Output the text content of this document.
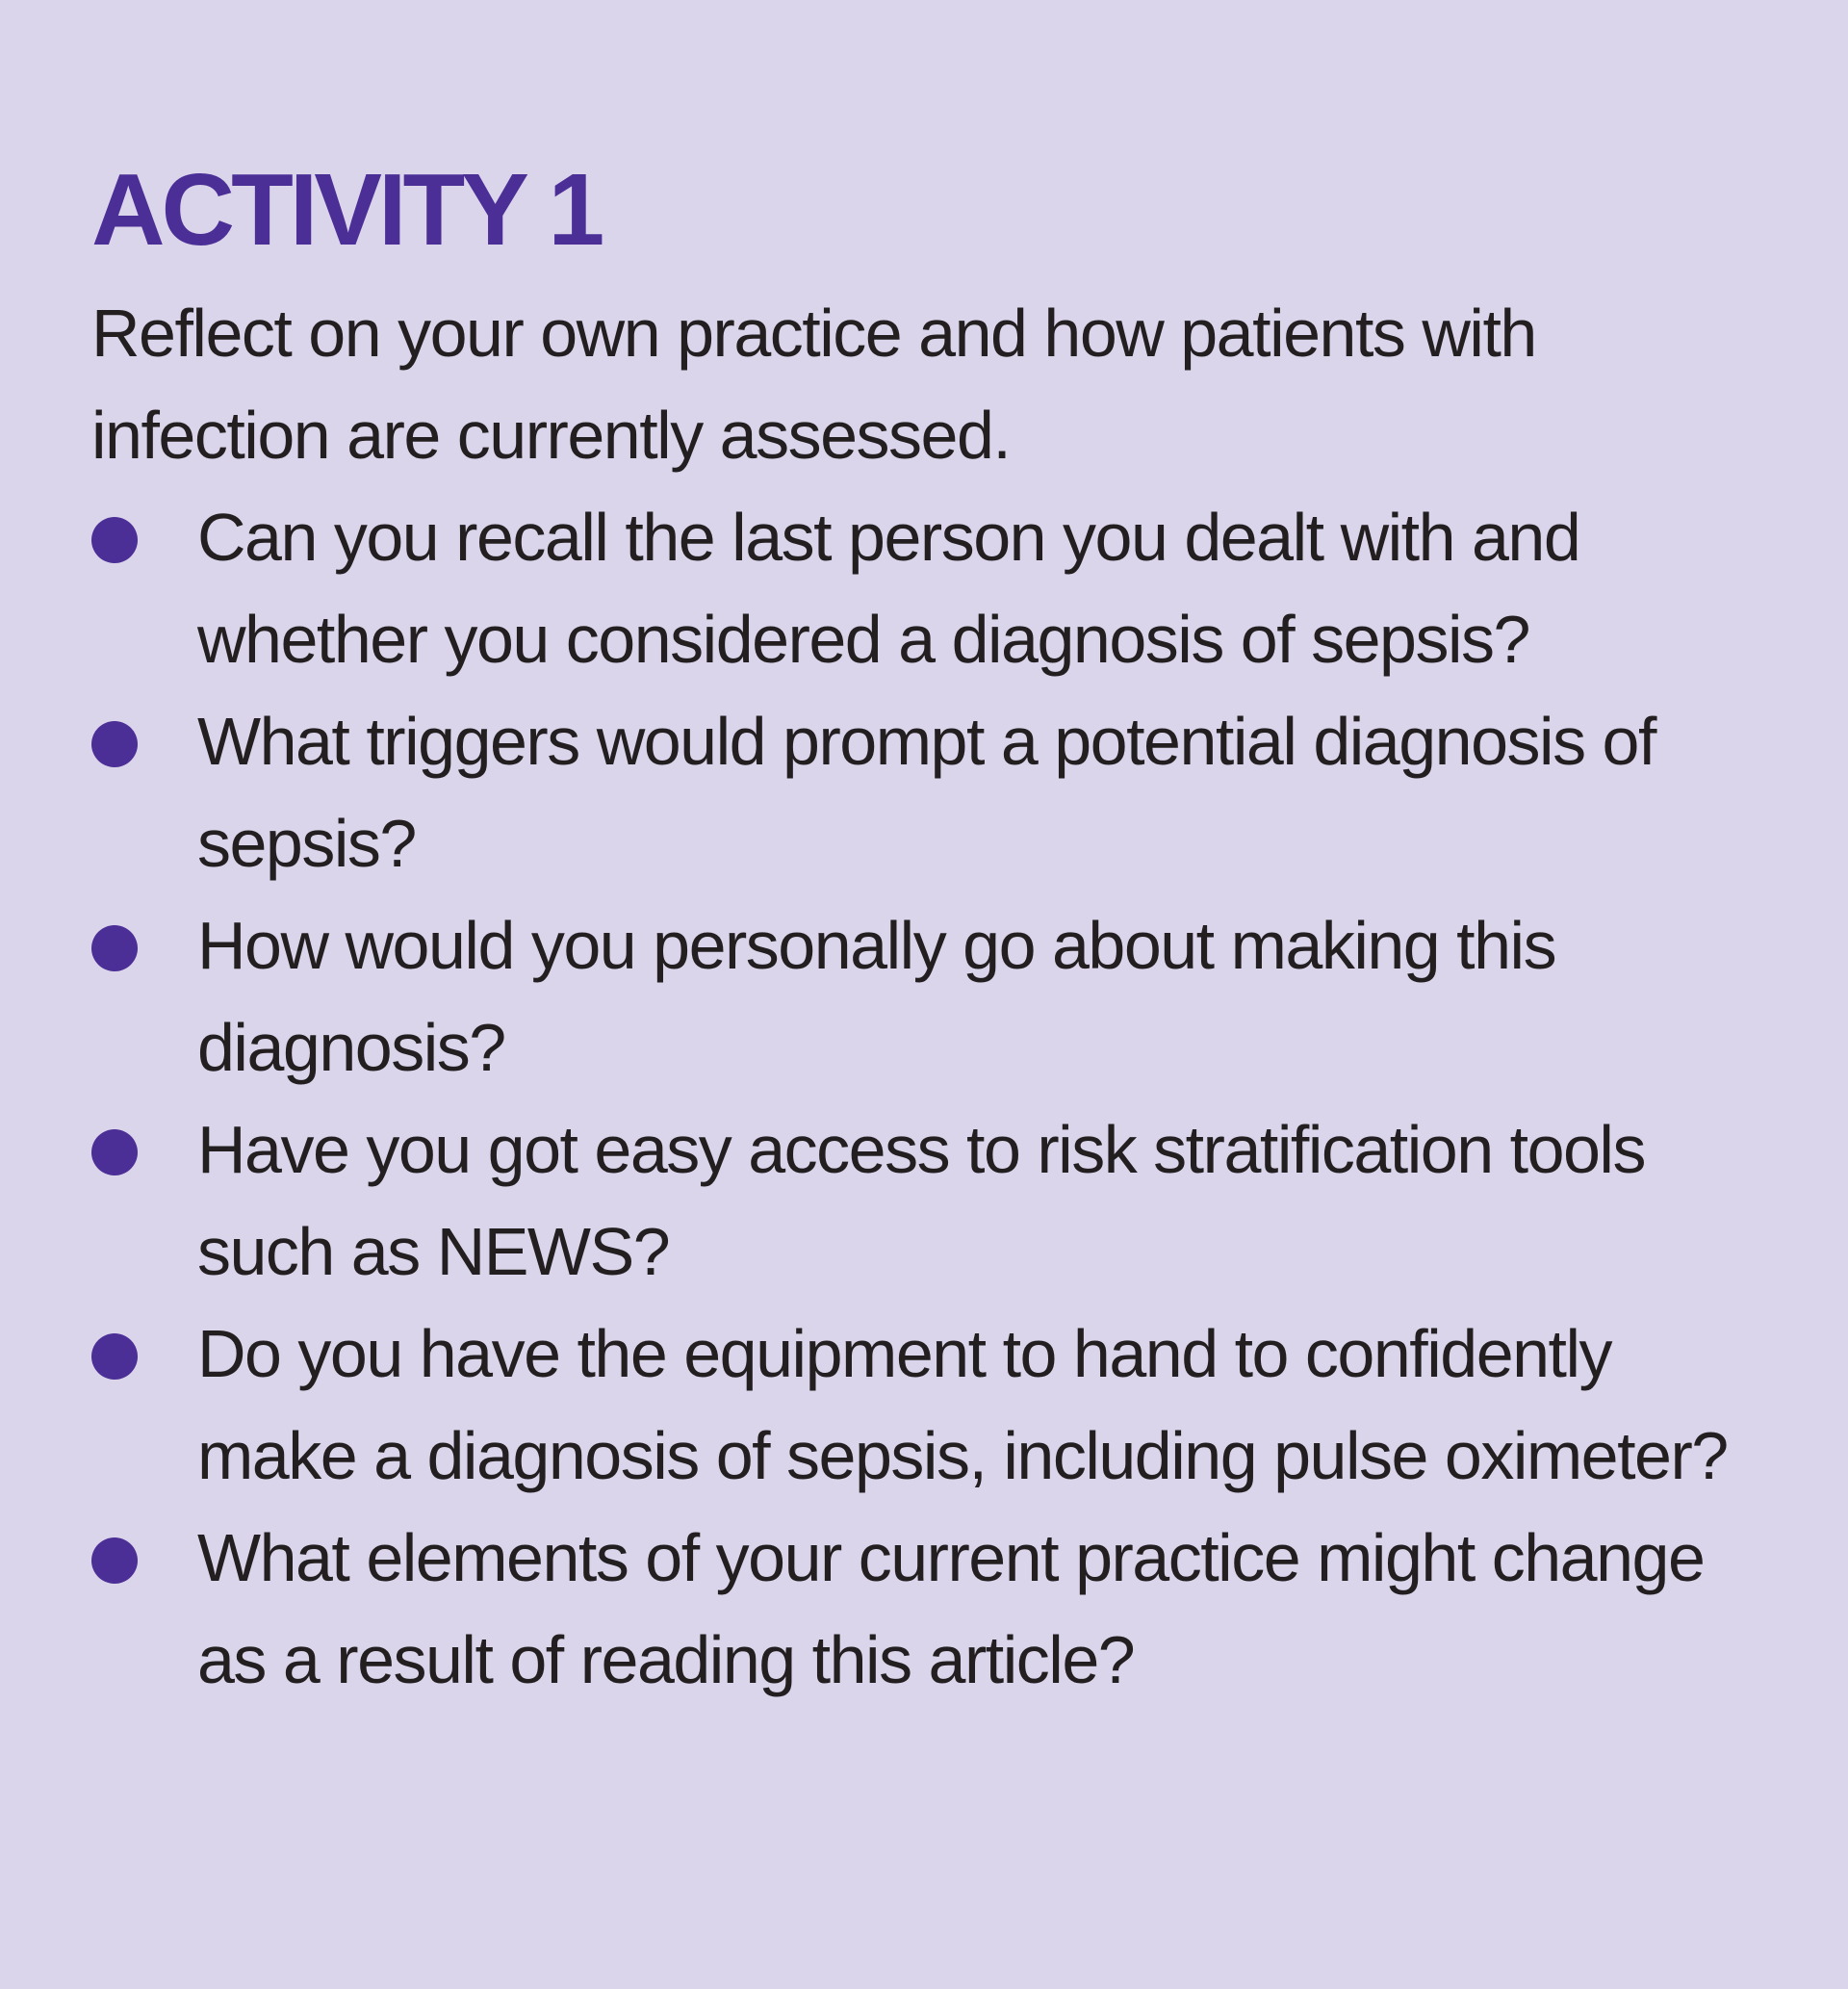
ACTIVITY 1

Reflect on your own practice and how patients with infection are currently assessed.

Can you recall the last person you dealt with and whether you considered a diagnosis of sepsis?
What triggers would prompt a potential diagnosis of sepsis?
How would you personally go about making this diagnosis?
Have you got easy access to risk stratification tools such as NEWS?
Do you have the equipment to hand to confidently make a diagnosis of sepsis, including pulse oximeter?
What elements of your current practice might change as a result of reading this article?
